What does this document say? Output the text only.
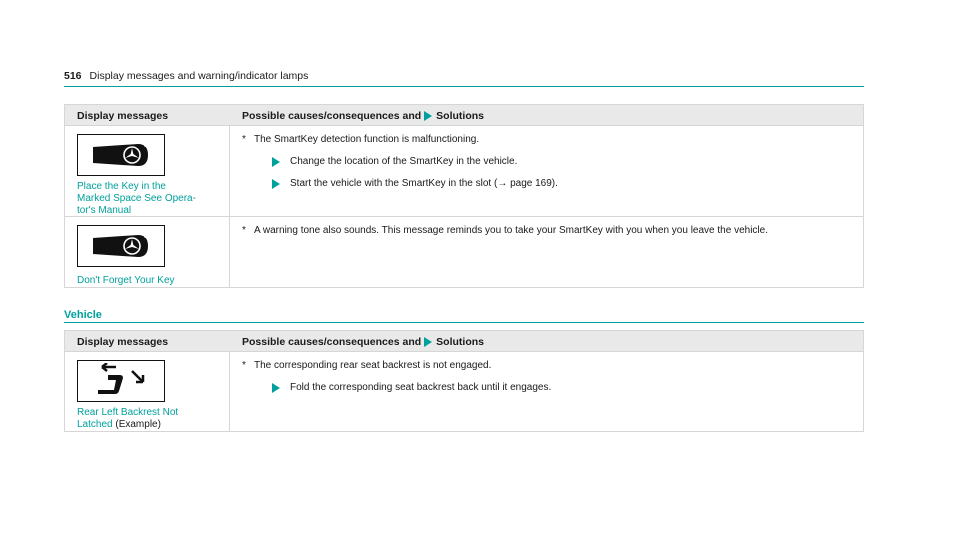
516 Display messages and warning/indicator lamps
Display messages	Possible causes/consequences and Solutions
Place the Key in the
Marked Space See Opera-
tor's Manual
* The SmartKey detection function is malfunctioning.
Change the location of the SmartKey in the vehicle.
Start the vehicle with the SmartKey in the slot (→ page 169).
Don't Forget Your Key
* A warning tone also sounds. This message reminds you to take your SmartKey with you when you leave the vehicle.
Vehicle
Display messages	Possible causes/consequences and Solutions
Rear Left Backrest Not
Latched (Example)
* The corresponding rear seat backrest is not engaged.
Fold the corresponding seat backrest back until it engages.
